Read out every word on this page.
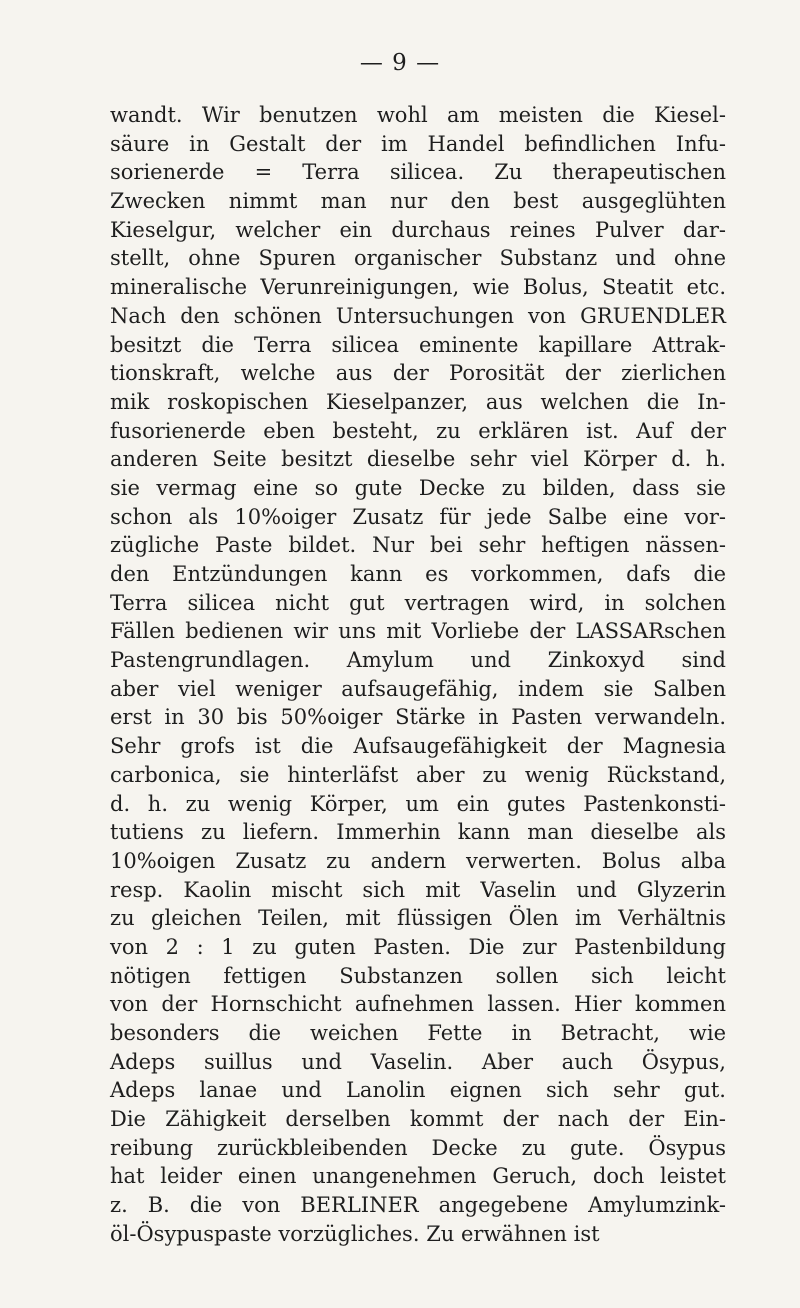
— 9 —
wandt. Wir benutzen wohl am meisten die Kiesel-
säure in Gestalt der im Handel befindlichen Infu-
sorienerde = Terra silicea. Zu therapeutischen
Zwecken nimmt man nur den best ausgeglühten
Kieselgur, welcher ein durchaus reines Pulver dar-
stellt, ohne Spuren organischer Substanz und ohne
mineralische Verunreinigungen, wie Bolus, Steatit etc.
Nach den schönen Untersuchungen von GRUENDLER
besitzt die Terra silicea eminente kapillare Attrak-
tionskraft, welche aus der Porosität der zierlichen
mik roskopischen Kieselpanzer, aus welchen die In-
fusorienerde eben besteht, zu erklären ist. Auf der
anderen Seite besitzt dieselbe sehr viel Körper d. h.
sie vermag eine so gute Decke zu bilden, dass sie
schon als 10%oiger Zusatz für jede Salbe eine vor-
zügliche Paste bildet. Nur bei sehr heftigen nässen-
den Entzündungen kann es vorkommen, dafs die
Terra silicea nicht gut vertragen wird, in solchen
Fällen bedienen wir uns mit Vorliebe der LASSARschen
Pastengrundlagen. Amylum und Zinkoxyd sind
aber viel weniger aufsaugefähig, indem sie Salben
erst in 30 bis 50%oiger Stärke in Pasten verwandeln.
Sehr grofs ist die Aufsaugefähigkeit der Magnesia
carbonica, sie hinterläfst aber zu wenig Rückstand,
d. h. zu wenig Körper, um ein gutes Pastenkonsti-
tutiens zu liefern. Immerhin kann man dieselbe als
10%oigen Zusatz zu andern verwerten. Bolus alba
resp. Kaolin mischt sich mit Vaselin und Glyzerin
zu gleichen Teilen, mit flüssigen Ölen im Verhältnis
von 2 : 1 zu guten Pasten. Die zur Pastenbildung
nötigen fettigen Substanzen sollen sich leicht
von der Hornschicht aufnehmen lassen. Hier kommen
besonders die weichen Fette in Betracht, wie
Adeps suillus und Vaselin. Aber auch Ösypus,
Adeps lanae und Lanolin eignen sich sehr gut.
Die Zähigkeit derselben kommt der nach der Ein-
reibung zurückbleibenden Decke zu gute. Ösypus
hat leider einen unangenehmen Geruch, doch leistet
z. B. die von BERLINER angegebene Amylumzink-
öl-Ösypuspaste vorzügliches. Zu erwähnen ist
